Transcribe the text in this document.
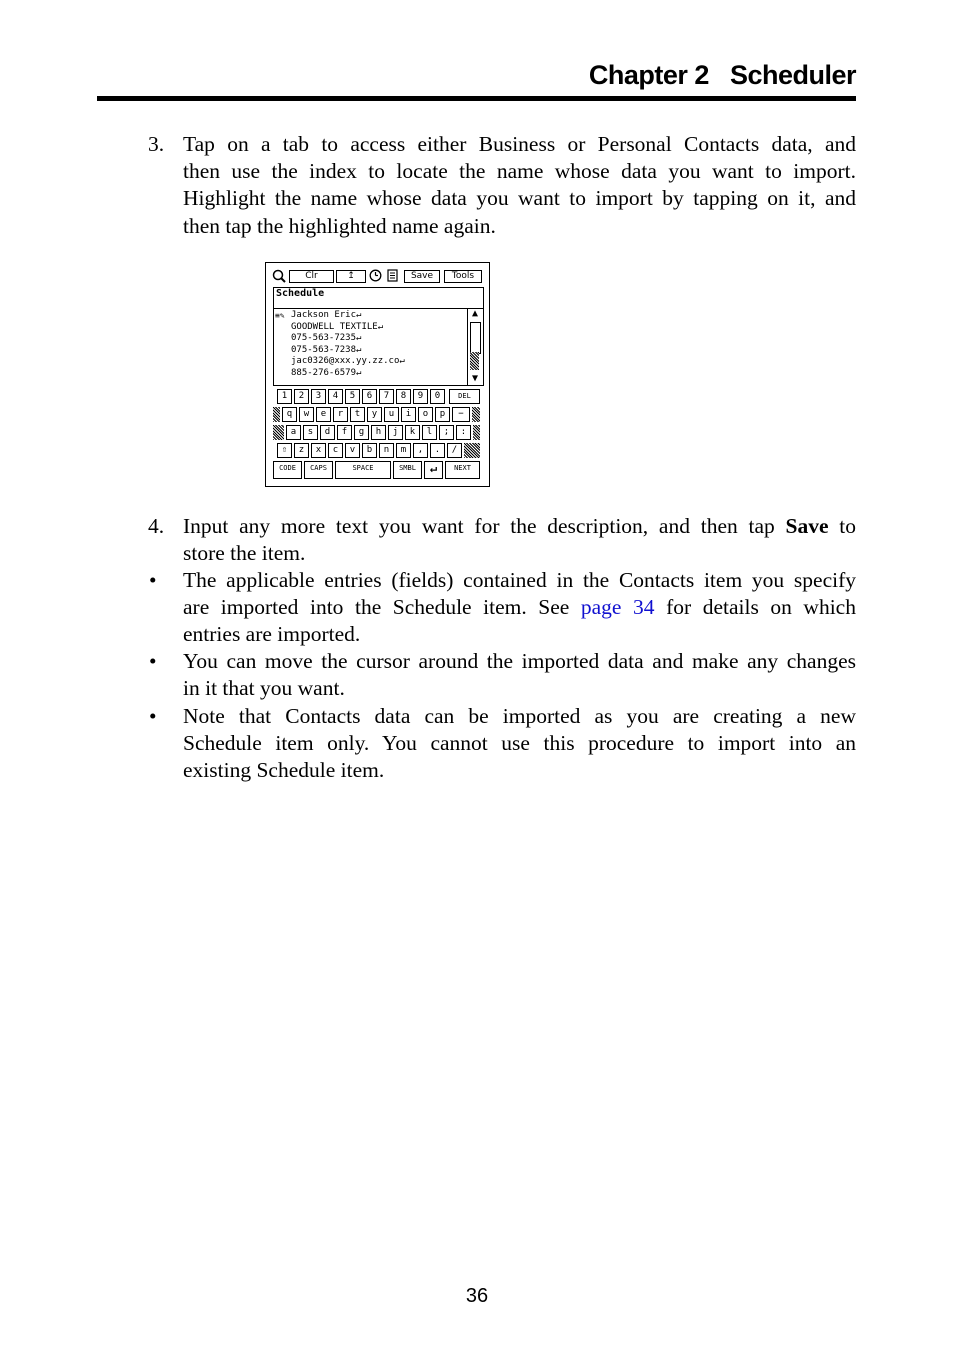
Chapter 2   Scheduler
3. Tap on a tab to access either Business or Personal Contacts data, and
then use the index to locate the name whose data you want to import.
Highlight the name whose data you want to import by tapping on it, and
then tap the highlighted name again.
Clr	↥	Save	Tools
Schedule
≡✎ Jackson Eric↵
GOODWELL TEXTILE↵
075-563-7235↵
075-563-7238↵
jac0326@xxx.yy.zz.co↵
885-276-6579↵
▲
▼
1	2	3	4	5	6	7	8	9	0	DEL
q	w	e	r	t	y	u	i	o	p	−
a	s	d	f	g	h	j	k	l	;	:
⇧	z	x	c	v	b	n	m	,	.	/
CODE	CAPS	SPACE	SMBL	↵	NEXT
4. Input any more text you want for the description, and then tap Save to
store the item.
• The applicable entries (fields) contained in the Contacts item you specify
are imported into the Schedule item. See page 34 for details on which
entries are imported.
• You can move the cursor around the imported data and make any changes
in it that you want.
• Note that Contacts data can be imported as you are creating a new
Schedule item only. You cannot use this procedure to import into an
existing Schedule item.
36
